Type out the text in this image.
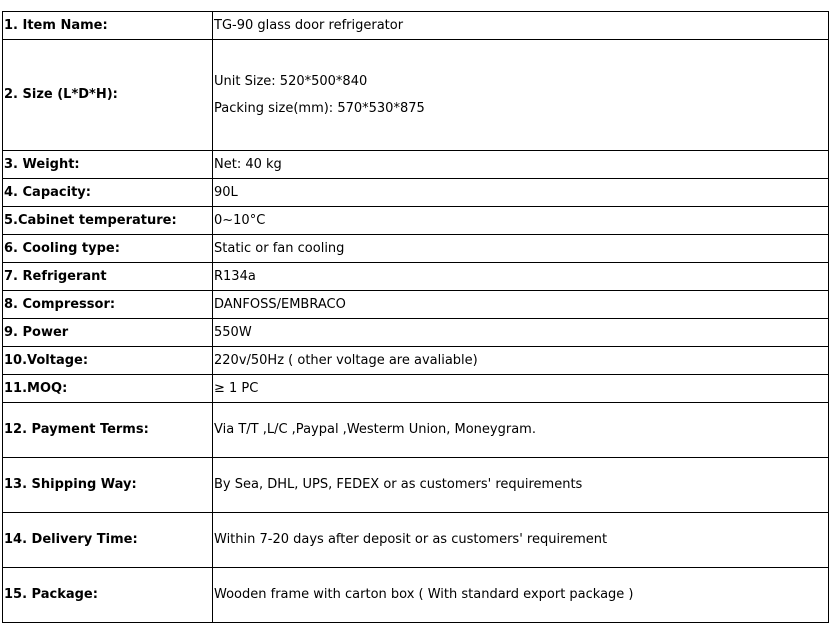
1. Item Name:	TG-90 glass door refrigerator

2. Size (L*D*H):	Unit Size: 520*500*840
Packing size(mm): 570*530*875

3. Weight:	Net: 40 kg

4. Capacity:	90L

5.Cabinet temperature:	0~10°C

6. Cooling type:	Static or fan cooling

7. Refrigerant	R134a

8. Compressor:	DANFOSS/EMBRACO

9. Power	550W

10.Voltage:	220v/50Hz ( other voltage are avaliable)

11.MOQ:	≥ 1 PC

12. Payment Terms:	Via T/T ,L/C ,Paypal ,Westerm Union, Moneygram.

13. Shipping Way:	By Sea, DHL, UPS, FEDEX or as customers' requirements

14. Delivery Time:	Within 7-20 days after deposit or as customers' requirement

15. Package:	Wooden frame with carton box ( With standard export package )
